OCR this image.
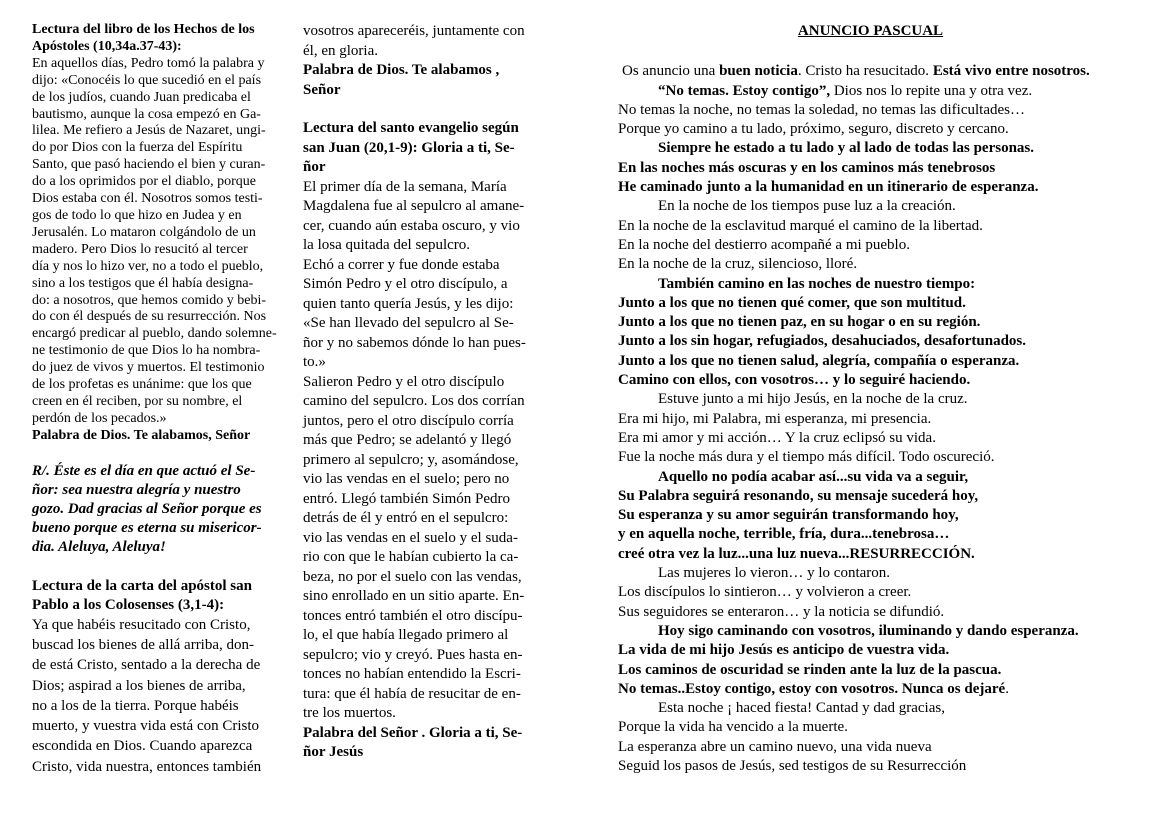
Lectura del libro de los Hechos de los
Apóstoles (10,34a.37-43):
En aquellos días, Pedro tomó la palabra y
dijo: «Conocéis lo que sucedió en el país
de los judíos, cuando Juan predicaba el
bautismo, aunque la cosa empezó en Ga-
lilea. Me refiero a Jesús de Nazaret, ungi-
do por Dios con la fuerza del Espíritu
Santo, que pasó haciendo el bien y curan-
do a los oprimidos por el diablo, porque
Dios estaba con él. Nosotros somos testi-
gos de todo lo que hizo en Judea y en
Jerusalén. Lo mataron colgándolo de un
madero. Pero Dios lo resucitó al tercer
día y nos lo hizo ver, no a todo el pueblo,
sino a los testigos que él había designa-
do: a nosotros, que hemos comido y bebi-
do con él después de su resurrección. Nos
encargó predicar al pueblo, dando solemne-
ne testimonio de que Dios lo ha nombra-
do juez de vivos y muertos. El testimonio
de los profetas es unánime: que los que
creen en él reciben, por su nombre, el
perdón de los pecados.»
Palabra de Dios. Te alabamos, Señor
R/. Éste es el día en que actuó el Se-
ñor: sea nuestra alegría y nuestro
gozo. Dad gracias al Señor porque es
bueno porque es eterna su misericor-
dia. Aleluya, Aleluya!
Lectura de la carta del apóstol san
Pablo a los Colosenses (3,1-4):
Ya que habéis resucitado con Cristo,
buscad los bienes de allá arriba, don-
de está Cristo, sentado a la derecha de
Dios; aspirad a los bienes de arriba,
no a los de la tierra. Porque habéis
muerto, y vuestra vida está con Cristo
escondida en Dios. Cuando aparezca
Cristo, vida nuestra, entonces también
vosotros apareceréis, juntamente con
él, en gloria.
Palabra de Dios. Te alabamos ,
Señor
Lectura del santo evangelio según
san Juan (20,1-9): Gloria a ti, Se-
ñor
El primer día de la semana, María
Magdalena fue al sepulcro al amane-
cer, cuando aún estaba oscuro, y vio
la losa quitada del sepulcro.
Echó a correr y fue donde estaba
Simón Pedro y el otro discípulo, a
quien tanto quería Jesús, y les dijo:
«Se han llevado del sepulcro al Se-
ñor y no sabemos dónde lo han pues-
to.»
Salieron Pedro y el otro discípulo
camino del sepulcro. Los dos corrían
juntos, pero el otro discípulo corría
más que Pedro; se adelantó y llegó
primero al sepulcro; y, asomándose,
vio las vendas en el suelo; pero no
entró. Llegó también Simón Pedro
detrás de él y entró en el sepulcro:
vio las vendas en el suelo y el suda-
rio con que le habían cubierto la ca-
beza, no por el suelo con las vendas,
sino enrollado en un sitio aparte. En-
tonces entró también el otro discípu-
lo, el que había llegado primero al
sepulcro; vio y creyó. Pues hasta en-
tonces no habían entendido la Escri-
tura: que él había de resucitar de en-
tre los muertos.
Palabra del Señor . Gloria a ti, Se-
ñor Jesús
ANUNCIO PASCUAL
Os anuncio una buen noticia. Cristo ha resucitado. Está vivo entre nosotros.
“No temas. Estoy contigo”, Dios nos lo repite una y otra vez.
No temas la noche, no temas la soledad, no temas las dificultades…
Porque yo camino a tu lado, próximo, seguro, discreto y cercano.
Siempre he estado a tu lado y al lado de todas las personas.
En las noches más oscuras y en los caminos más tenebrosos
He caminado junto a la humanidad en un itinerario de esperanza.
En la noche de los tiempos puse luz a la creación.
En la noche de la esclavitud marqué el camino de la libertad.
En la noche del destierro acompañé a mi pueblo.
En la noche de la cruz, silencioso, lloré.
También camino en las noches de nuestro tiempo:
Junto a los que no tienen qué comer, que son multitud.
Junto a los que no tienen paz, en su hogar o en su región.
Junto a los sin hogar, refugiados, desahuciados, desafortunados.
Junto a los que no tienen salud, alegría, compañía o esperanza.
Camino con ellos, con vosotros… y lo seguiré haciendo.
Estuve junto a mi hijo Jesús, en la noche de la cruz.
Era mi hijo, mi Palabra, mi esperanza, mi presencia.
Era mi amor y mi acción… Y la cruz eclipsó su vida.
Fue la noche más dura y el tiempo más difícil. Todo oscureció.
Aquello no podía acabar así...su vida va a seguir,
Su Palabra seguirá resonando, su mensaje sucederá hoy,
Su esperanza y su amor seguirán transformando hoy,
y en aquella noche, terrible, fría, dura...tenebrosa…
creé otra vez la luz...una luz nueva...RESURRECCIÓN.
Las mujeres lo vieron… y lo contaron.
Los discípulos lo sintieron… y volvieron a creer.
Sus seguidores se enteraron… y la noticia se difundió.
Hoy sigo caminando con vosotros, iluminando y dando esperanza.
La vida de mi hijo Jesús es anticipo de vuestra vida.
Los caminos de oscuridad se rinden ante la luz de la pascua.
No temas..Estoy contigo, estoy con vosotros. Nunca os dejaré.
Esta noche ¡ haced fiesta! Cantad y dad gracias,
Porque la vida ha vencido a la muerte.
La esperanza abre un camino nuevo, una vida nueva
Seguid los pasos de Jesús, sed testigos de su Resurrección
